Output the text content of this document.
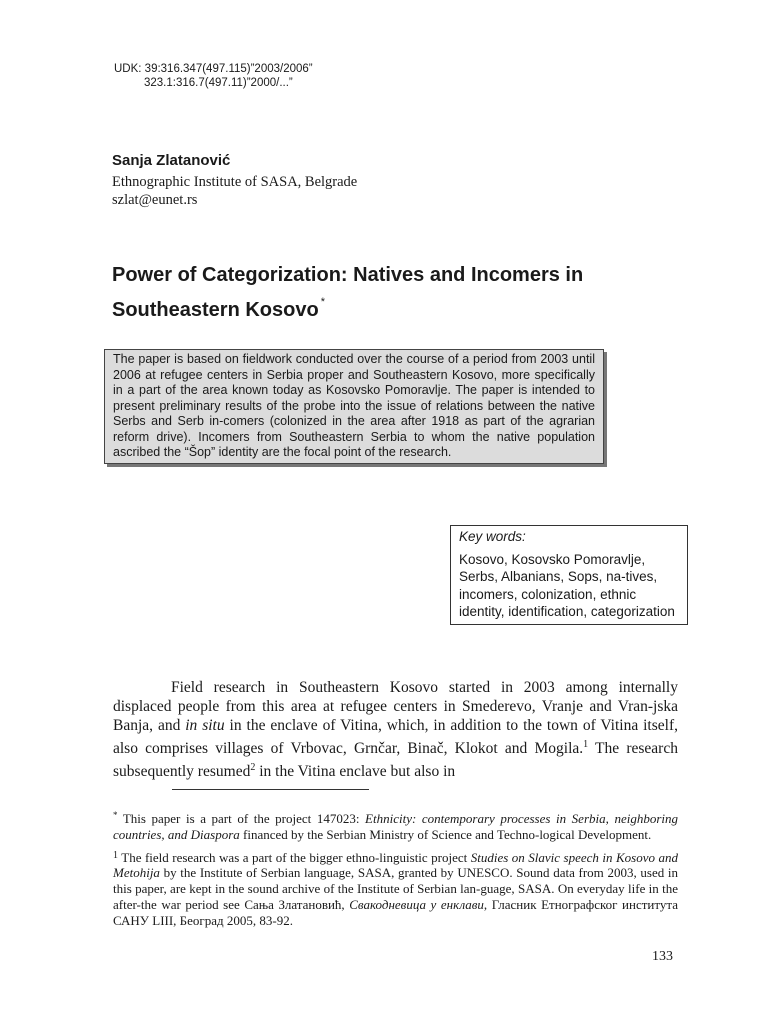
UDK: 39:316.347(497.115)”2003/2006”
323.1:316.7(497.11)”2000/...”
Sanja Zlatanović
Ethnographic Institute of SASA, Belgrade
szlat@eunet.rs
Power of Categorization: Natives and Incomers in Southeastern Kosovo *
The paper is based on fieldwork conducted over the course of a period from 2003 until 2006 at refugee centers in Serbia proper and Southeastern Kosovo, more specifically in a part of the area known today as Kosovsko Pomoravlje. The paper is intended to present preliminary results of the probe into the issue of relations between the native Serbs and Serb in-comers (colonized in the area after 1918 as part of the agrarian reform drive). Incomers from Southeastern Serbia to whom the native population ascribed the “Šop” identity are the focal point of the research.
Key words:
Kosovo, Kosovsko Pomoravlje, Serbs, Albanians, Sops, na-tives, incomers, colonization, ethnic identity, identification, categorization
Field research in Southeastern Kosovo started in 2003 among internally displaced people from this area at refugee centers in Smederevo, Vranje and Vran-jska Banja, and in situ in the enclave of Vitina, which, in addition to the town of Vitina itself, also comprises villages of Vrbovac, Grnčar, Binač, Klokot and Mogila.$^1$ The research subsequently resumed$^2$ in the Vitina enclave but also in

* This paper is a part of the project 147023: Ethnicity: contemporary processes in Serbia, neighboring countries, and Diaspora financed by the Serbian Ministry of Science and Techno-logical Development.

$^1$ The field research was a part of the bigger ethno-linguistic project Studies on Slavic speech in Kosovo and Metohija by the Institute of Serbian language, SASA, granted by UNESCO. Sound data from 2003, used in this paper, are kept in the sound archive of the Institute of Serbian lan-guage, SASA. On everyday life in the after-the war period see Сања Златановић, Свакодневица у енклави, Гласник Етнографског института САНУ LIII, Београд 2005, 83-92.

133
